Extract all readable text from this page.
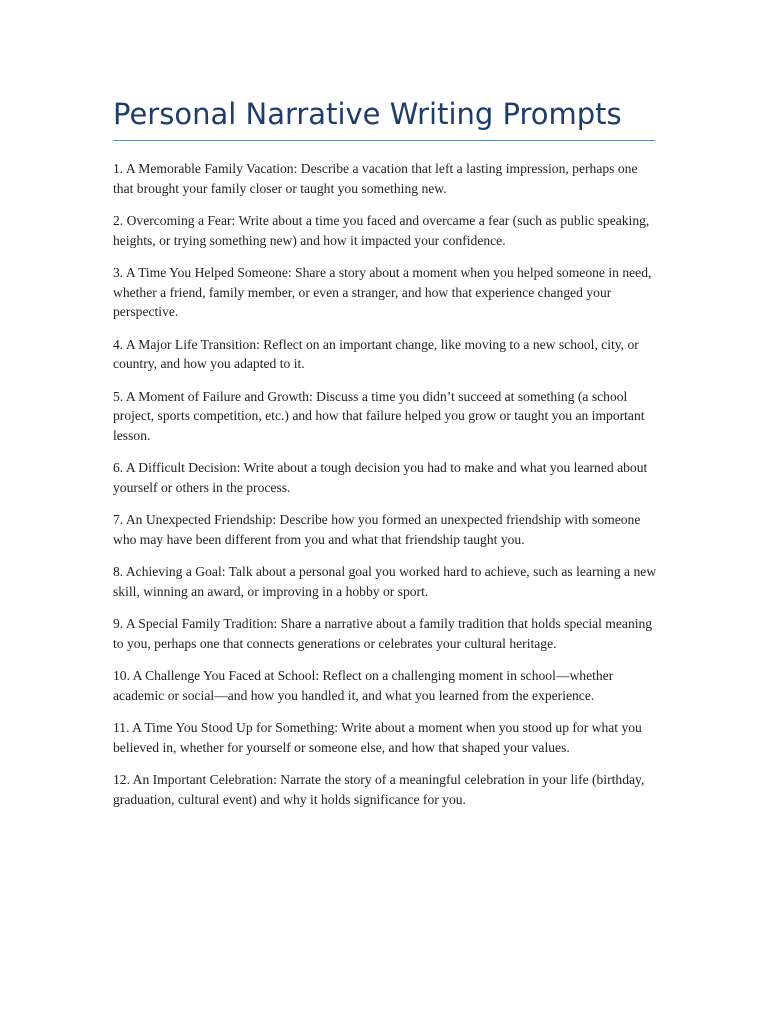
Personal Narrative Writing Prompts
1. A Memorable Family Vacation: Describe a vacation that left a lasting impression, perhaps one that brought your family closer or taught you something new.
2. Overcoming a Fear: Write about a time you faced and overcame a fear (such as public speaking, heights, or trying something new) and how it impacted your confidence.
3. A Time You Helped Someone: Share a story about a moment when you helped someone in need, whether a friend, family member, or even a stranger, and how that experience changed your perspective.
4. A Major Life Transition: Reflect on an important change, like moving to a new school, city, or country, and how you adapted to it.
5. A Moment of Failure and Growth: Discuss a time you didn’t succeed at something (a school project, sports competition, etc.) and how that failure helped you grow or taught you an important lesson.
6. A Difficult Decision: Write about a tough decision you had to make and what you learned about yourself or others in the process.
7. An Unexpected Friendship: Describe how you formed an unexpected friendship with someone who may have been different from you and what that friendship taught you.
8. Achieving a Goal: Talk about a personal goal you worked hard to achieve, such as learning a new skill, winning an award, or improving in a hobby or sport.
9. A Special Family Tradition: Share a narrative about a family tradition that holds special meaning to you, perhaps one that connects generations or celebrates your cultural heritage.
10. A Challenge You Faced at School: Reflect on a challenging moment in school—whether academic or social—and how you handled it, and what you learned from the experience.
11. A Time You Stood Up for Something: Write about a moment when you stood up for what you believed in, whether for yourself or someone else, and how that shaped your values.
12. An Important Celebration: Narrate the story of a meaningful celebration in your life (birthday, graduation, cultural event) and why it holds significance for you.
